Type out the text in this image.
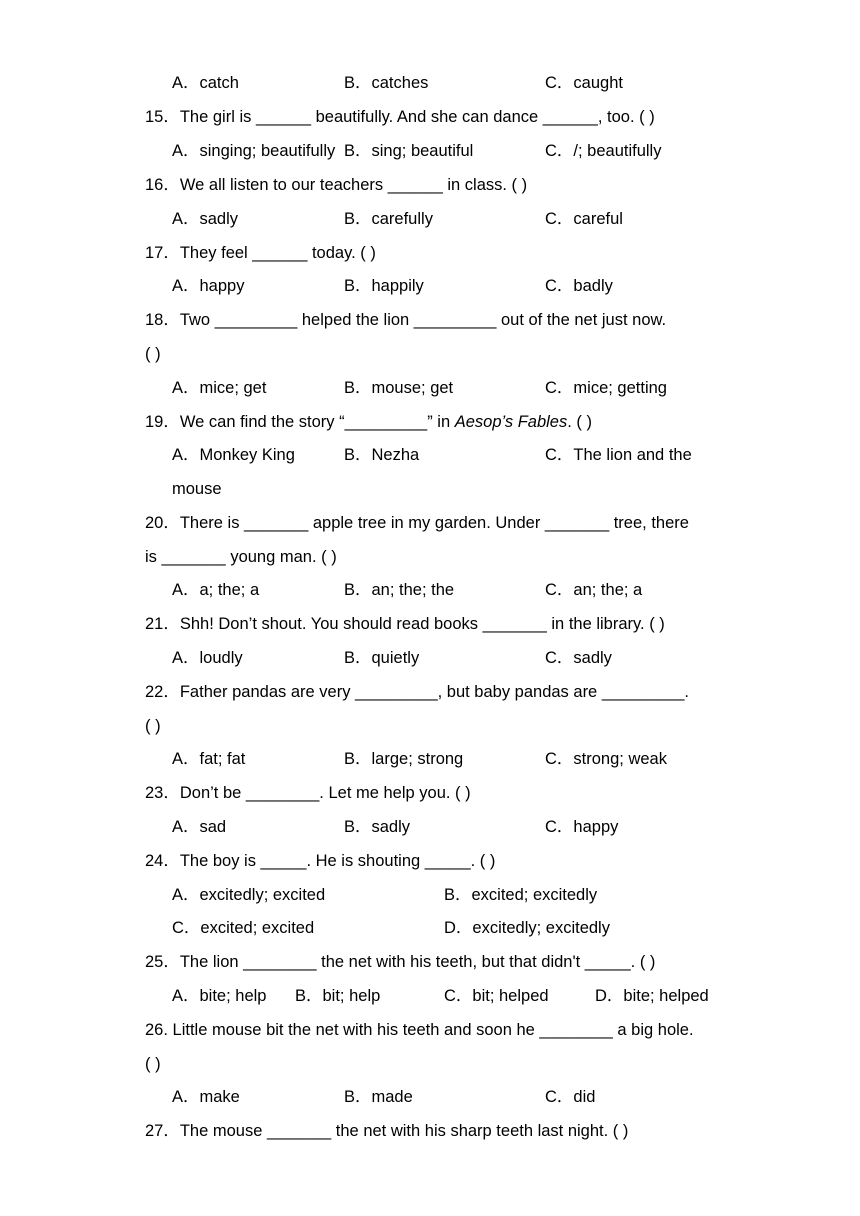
A．catch	B．catches	C．caught
15．The girl is ______ beautifully. And she can dance ______, too. ( )
A．singing; beautifully B．sing; beautiful	C．/; beautifully
16．We all listen to our teachers ______ in class. ( )
A．sadly	B．carefully	C．careful
17．They feel ______ today. ( )
A．happy	B．happily	C．badly
18．Two _________ helped the lion _________ out of the net just now.
( )
A．mice; get	B．mouse; get	C．mice; getting
19．We can find the story “_________” in Aesop’s Fables. ( )
A．Monkey King	B．Nezha	C．The lion and the
mouse
20．There is _______ apple tree in my garden. Under _______ tree, there
is _______ young man. ( )
A．a; the; a	B．an; the; the	C．an; the; a
21．Shh! Don’t shout. You should read books _______ in the library. ( )
A．loudly	B．quietly	C．sadly
22．Father pandas are very _________, but baby pandas are _________.
( )
A．fat; fat	B．large; strong	C．strong; weak
23．Don’t be ________. Let me help you. ( )
A．sad	B．sadly	C．happy
24．The boy is _____. He is shouting _____. ( )
A．excitedly; excited	B．excited; excitedly
C．excited; excited	D．excitedly; excitedly
25．The lion ________ the net with his teeth, but that didn't _____. ( )
A．bite; help B．bit; help	C．bit; helped	D．bite; helped
26. Little mouse bit the net with his teeth and soon he ________ a big hole.
( )
A．make	B．made	C．did
27．The mouse _______ the net with his sharp teeth last night. ( )
